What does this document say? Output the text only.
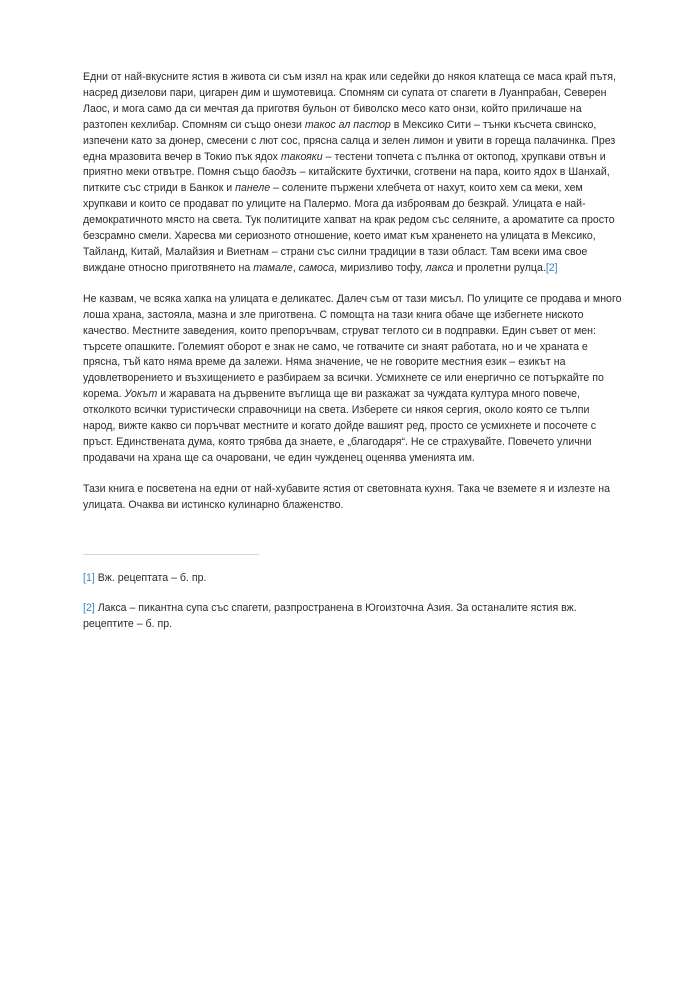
Едни от най-вкусните ястия в живота си съм изял на крак или седейки до някоя клатеща се маса край пътя, насред дизелови пари, цигарен дим и шумотевица. Спомням си супата от спагети в Луанпрабан, Северен Лаос, и мога само да си мечтая да приготвя бульон от биволско месо като онзи, който приличаше на разтопен кехлибар. Спомням си също онези такос ал пастор в Мексико Сити – тънки късчета свинско, изпечени като за дюнер, смесени с лют сос, прясна салца и зелен лимон и увити в гореща палачинка. През една мразовита вечер в Токио пък ядох такояки – тестени топчета с пълнка от октопод, хрупкави отвън и приятно меки отвътре. Помня също баодзъ – китайските бухтички, сготвени на пара, които ядох в Шанхай, питките със стриди в Банкок и панеле – солените пържени хлебчета от нахут, които хем са меки, хем хрупкави и които се продават по улиците на Палермо. Мога да изброявам до безкрай. Улицата е най-демократичното място на света. Тук политиците хапват на крак редом със селяните, а ароматите са просто безсрамно смели. Харесва ми сериозното отношение, което имат към храненето на улицата в Мексико, Тайланд, Китай, Малайзия и Виетнам – страни със силни традиции в тази област. Там всеки има свое виждане относно приготвянето на тамале, самоса, миризливо тофу, лакса и пролетни рулца.[2]

Не казвам, че всяка хапка на улицата е деликатес. Далеч съм от тази мисъл. По улиците се продава и много лоша храна, застояла, мазна и зле приготвена. С помощта на тази книга обаче ще избегнете ниското качество. Местните заведения, които препоръчвам, струват теглото си в подправки. Един съвет от мен: търсете опашките. Големият оборот е знак не само, че готвачите си знаят работата, но и че храната е прясна, тъй като няма време да залежи. Няма значение, че не говорите местния език – езикът на удовлетворението и възхищението е разбираем за всички. Усмихнете се или енергично се потъркайте по корема. Уокът и жаравата на дървените въглища ще ви разкажат за чуждата култура много повече, отколкото всички туристически справочници на света. Изберете си някоя сергия, около която се тълпи народ, вижте какво си поръчват местните и когато дойде вашият ред, просто се усмихнете и посочете с пръст. Единствената дума, която трябва да знаете, е „благодаря“. Не се страхувайте. Повечето улични продавачи на храна ще са очаровани, че един чужденец оценява уменията им.

Тази книга е посветена на едни от най-хубавите ястия от световната кухня. Така че вземете я и излезте на улицата. Очаква ви истинско кулинарно блаженство.

[1] Вж. рецептата – б. пр.

[2] Лакса – пикантна супа със спагети, разпространена в Югоизточна Азия. За останалите ястия вж. рецептите – б. пр.
